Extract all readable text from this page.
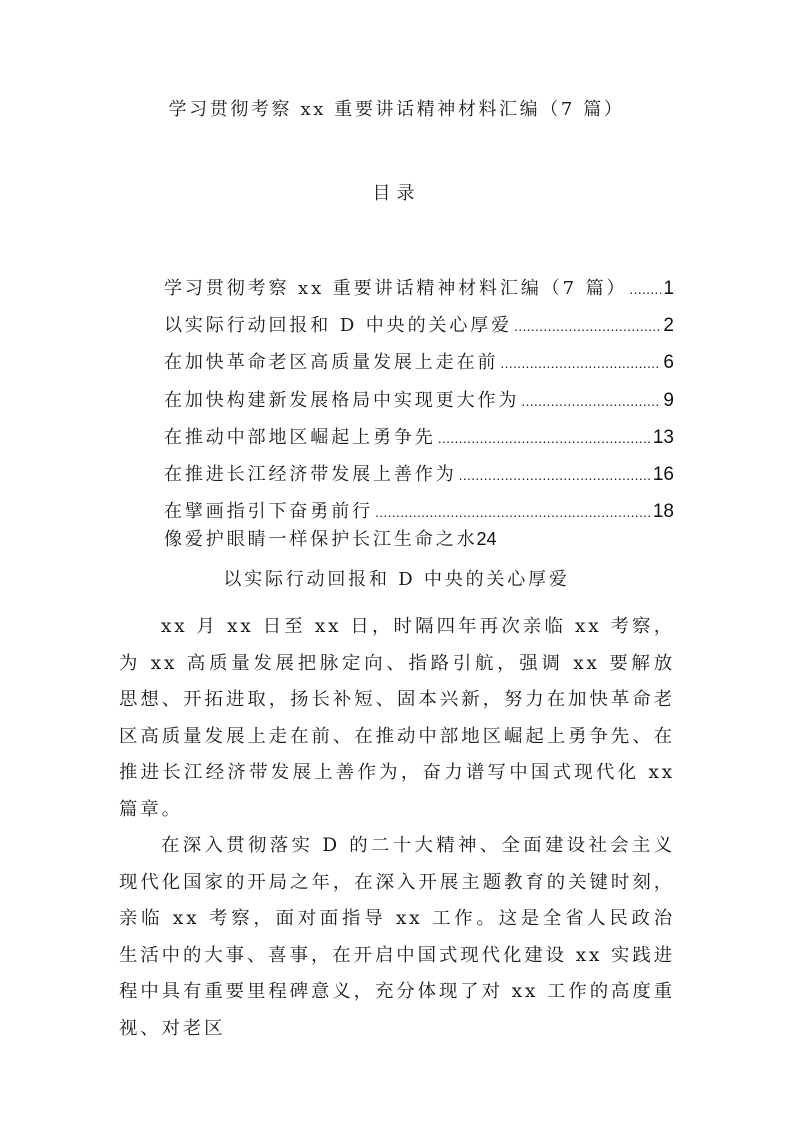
学习贯彻考察 xx 重要讲话精神材料汇编（7 篇）
目录
学习贯彻考察 xx 重要讲话精神材料汇编（7 篇） ..... 1
以实际行动回报和 D 中央的关心厚爱 .....	2
在加快革命老区高质量发展上走在前 .....	6
在加快构建新发展格局中实现更大作为 .....	9
在推动中部地区崛起上勇争先 .....	13
在推进长江经济带发展上善作为 .....	16
在擘画指引下奋勇前行 .....	18
像爱护眼睛一样保护长江生命之水 24
以实际行动回报和 D 中央的关心厚爱

xx 月 xx 日至 xx 日，时隔四年再次亲临 xx 考察，为 xx 高质量发展把脉定向、指路引航，强调 xx 要解放思想、开拓进取，扬长补短、固本兴新，努力在加快革命老区高质量发展上走在前、在推动中部地区崛起上勇争先、在推进长江经济带发展上善作为，奋力谱写中国式现代化 xx 篇章。

在深入贯彻落实 D 的二十大精神、全面建设社会主义现代化国家的开局之年，在深入开展主题教育的关键时刻，亲临 xx 考察，面对面指导 xx 工作。这是全省人民政治生活中的大事、喜事，在开启中国式现代化建设 xx 实践进程中具有重要里程碑意义，充分体现了对 xx 工作的高度重视、对老区
